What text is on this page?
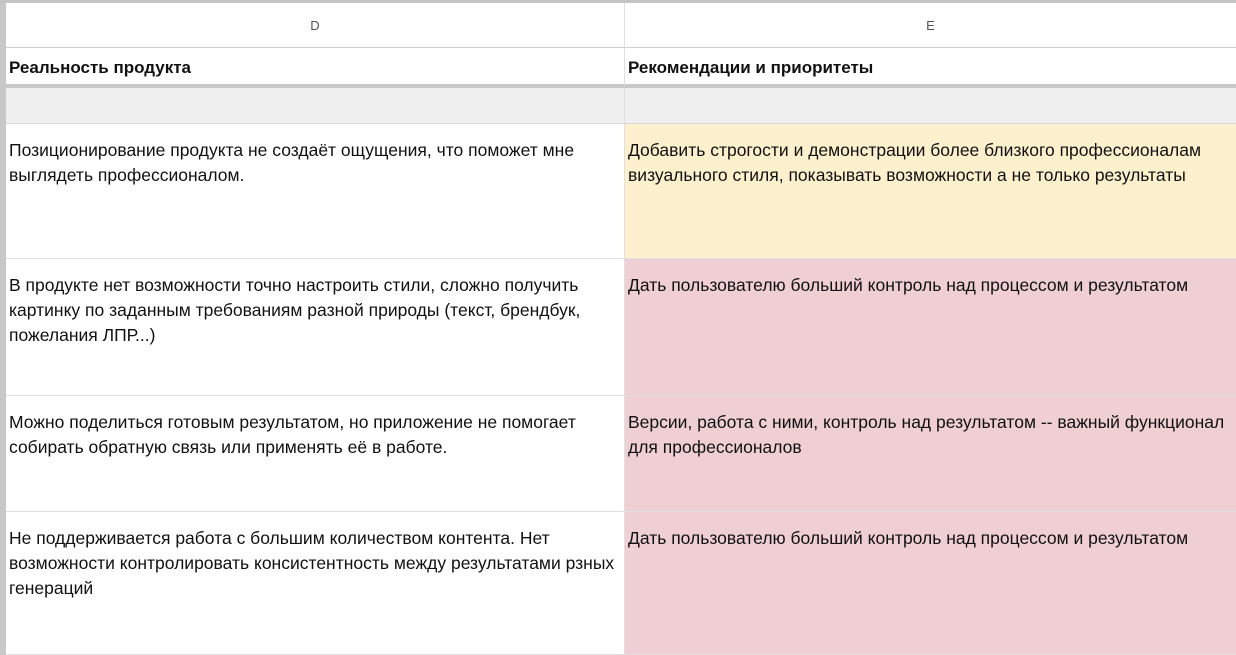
D	E
Реальность продукта	Рекомендации и приоритеты
Позиционирование продукта не создаёт ощущения, что поможет мне выглядеть профессионалом.
Добавить строгости и демонстрации более близкого профессионалам визуального стиля, показывать возможности а не только результаты
В продукте нет возможности точно настроить стили, сложно получить картинку по заданным требованиям разной природы (текст, брендбук, пожелания ЛПР...)
Дать пользователю больший контроль над процессом и результатом
Можно поделиться готовым результатом, но приложение не помогает собирать обратную связь или применять её в работе.
Версии, работа с ними, контроль над результатом -- важный функционал для профессионалов
Не поддерживается работа с большим количеством контента. Нет возможности контролировать консистентность между результатами рзных генераций
Дать пользователю больший контроль над процессом и результатом
